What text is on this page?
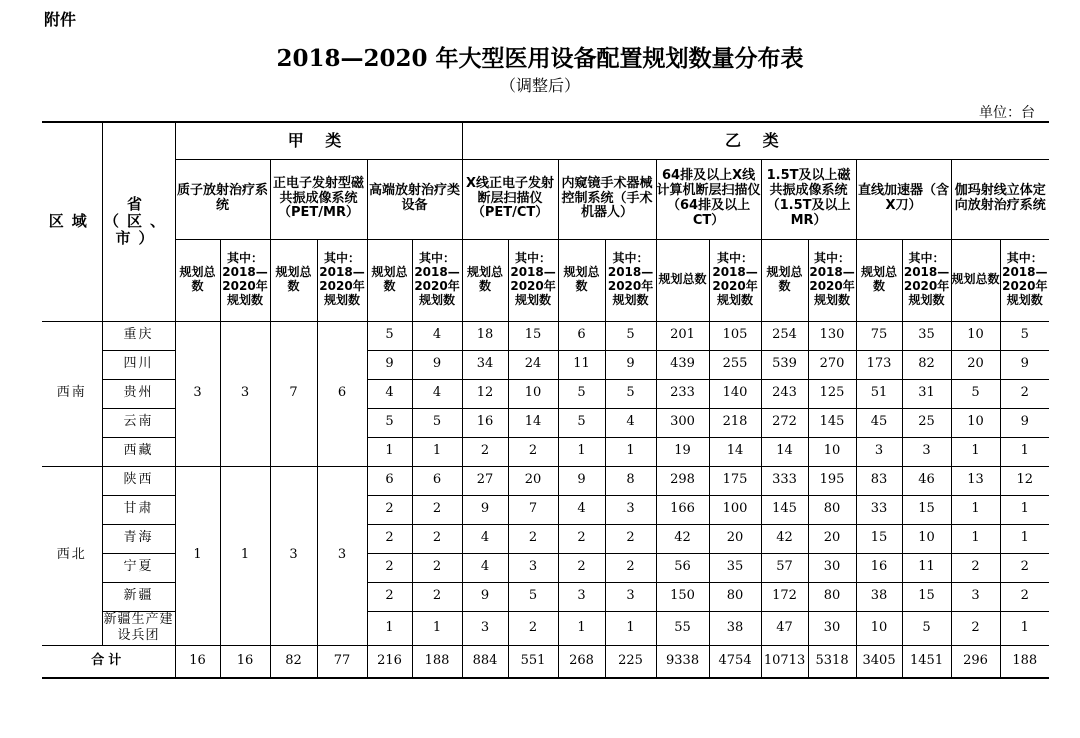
附件
2018—2020 年大型医用设备配置规划数量分布表
（调整后）
单位：台
区域	省（区、市）	甲 类						乙 类											
		质子放射治疗系统		正电子发射型磁共振成像系统（PET/MR）		高端放射治疗类设备		X线正电子发射断层扫描仪（PET/CT）		内窥镜手术器械控制系统（手术机器人）		64排及以上X线计算机断层扫描仪（64排及以上CT）		1.5T及以上磁共振成像系统（1.5T及以上MR）		直线加速器（含X刀）		伽玛射线立体定向放射治疗系统	
		规划总数	其中：2018—2020年规划数	规划总数	其中：2018—2020年规划数	规划总数	其中：2018—2020年规划数	规划总数	其中：2018—2020年规划数	规划总数	其中：2018—2020年规划数	规划总数	其中：2018—2020年规划数	规划总数	其中：2018—2020年规划数	规划总数	其中：2018—2020年规划数	规划总数	其中：2018—2020年规划数
西南	重庆	3	3	7	6	5	4	18	15	6	5	201	105	254	130	75	35	10	5
	四川					9	9	34	24	11	9	439	255	539	270	173	82	20	9
	贵州					4	4	12	10	5	5	233	140	243	125	51	31	5	2
	云南					5	5	16	14	5	4	300	218	272	145	45	25	10	9
	西藏					1	1	2	2	1	1	19	14	14	10	3	3	1	1
西北	陕西	1	1	3	3	6	6	27	20	9	8	298	175	333	195	83	46	13	12
	甘肃					2	2	9	7	4	3	166	100	145	80	33	15	1	1
	青海					2	2	4	2	2	2	42	20	42	20	15	10	1	1
	宁夏					2	2	4	3	2	2	56	35	57	30	16	11	2	2
	新疆					2	2	9	5	3	3	150	80	172	80	38	15	3	2
	新疆生产建设兵团					1	1	3	2	1	1	55	38	47	30	10	5	2	1
合计		16	16	82	77	216	188	884	551	268	225	9338	4754	10713	5318	3405	1451	296	188
